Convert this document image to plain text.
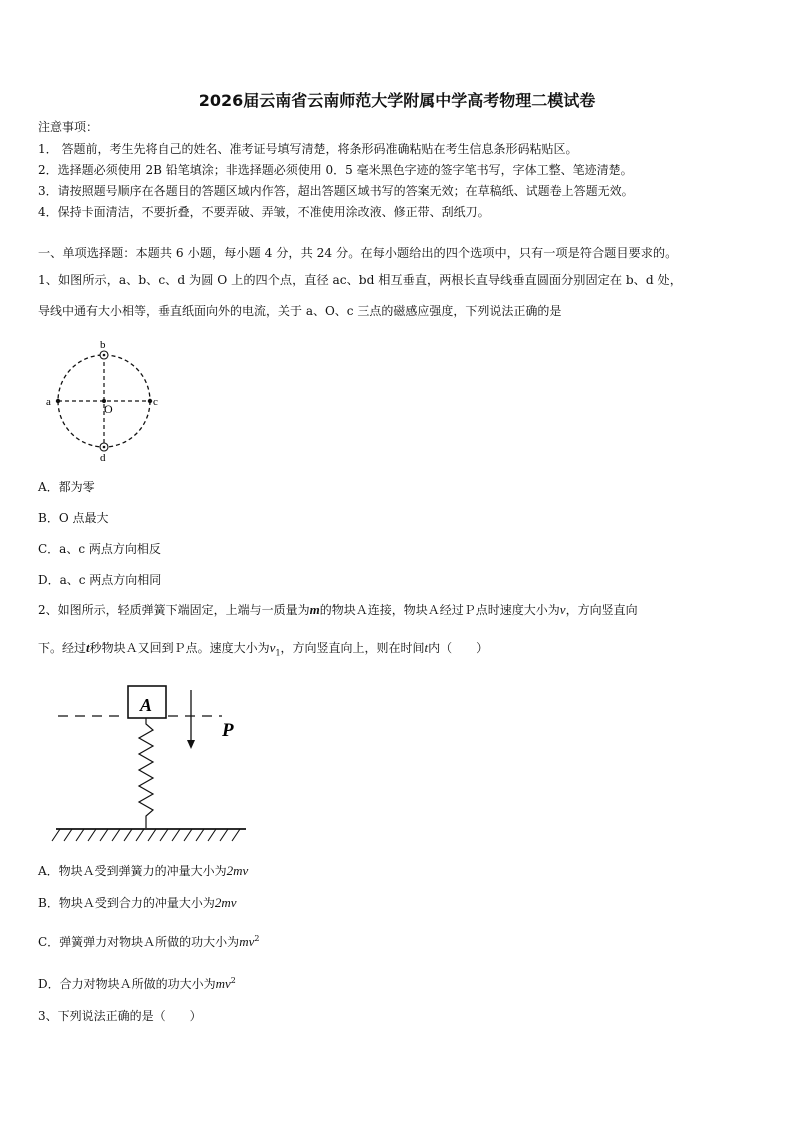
2026届云南省云南师范大学附属中学高考物理二模试卷
注意事项：
1． 答题前，考生先将自己的姓名、准考证号填写清楚，将条形码准确粘贴在考生信息条形码粘贴区。
2．选择题必须使用 2B 铅笔填涂；非选择题必须使用 0．5 毫米黑色字迹的签字笔书写，字体工整、笔迹清楚。
3．请按照题号顺序在各题目的答题区域内作答，超出答题区域书写的答案无效；在草稿纸、试题卷上答题无效。
4．保持卡面清洁，不要折叠，不要弄破、弄皱，不准使用涂改液、修正带、刮纸刀。
一、单项选择题：本题共 6 小题，每小题 4 分，共 24 分。在每小题给出的四个选项中，只有一项是符合题目要求的。
1、如图所示，a、b、c、d 为圆 O 上的四个点，直径 ac、bd 相互垂直，两根长直导线垂直圆面分别固定在 b、d 处，
导线中通有大小相等，垂直纸面向外的电流，关于 a、O、c 三点的磁感应强度，下列说法正确的是
b
d
a	c
O
A．都为零
B．O 点最大
C．a、c 两点方向相反
D．a、c 两点方向相同
2、如图所示，轻质弹簧下端固定，上端与一质量为m的物块Ａ连接，物块Ａ经过Ｐ点时速度大小为v，方向竖直向
下。经过t秒物块Ａ又回到Ｐ点。速度大小为$v_1$，方向竖直向上，则在时间t内（　　）
A
P
A．物块Ａ受到弹簧力的冲量大小为2mv
B．物块Ａ受到合力的冲量大小为2mv
C．弹簧弹力对物块Ａ所做的功大小为$mv^2$
D．合力对物块Ａ所做的功大小为$mv^2$
3、下列说法正确的是（　　）
